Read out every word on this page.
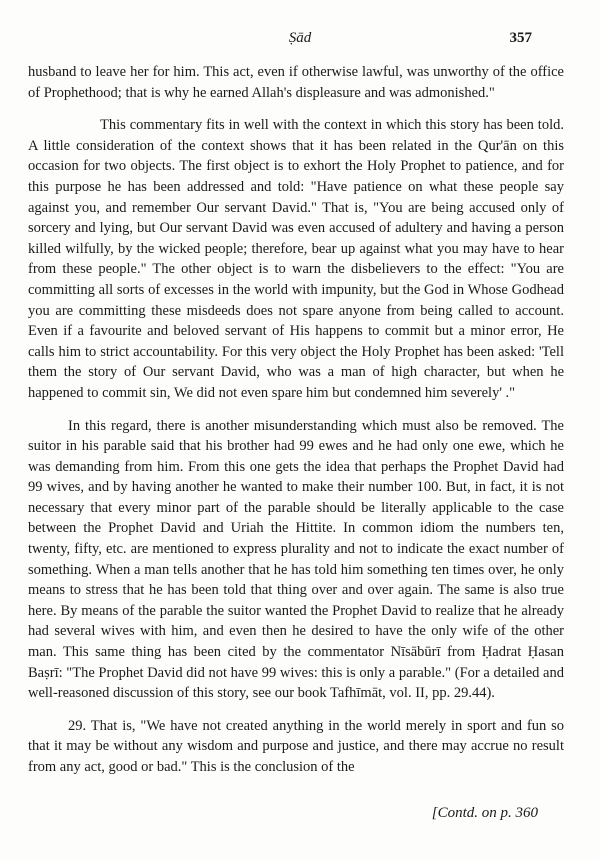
Ṣād	357

husband to leave her for him. This act, even if otherwise lawful, was unworthy of the office of Prophethood; that is why he earned Allah's displeasure and was admonished."

This commentary fits in well with the context in which this story has been told. A little consideration of the context shows that it has been related in the Qur'ān on this occasion for two objects. The first object is to exhort the Holy Prophet to patience, and for this purpose he has been addressed and told: "Have patience on what these people say against you, and remember Our servant David." That is, "You are being accused only of sorcery and lying, but Our servant David was even accused of adultery and having a person killed wilfully, by the wicked people; therefore, bear up against what you may have to hear from these people." The other object is to warn the disbelievers to the effect: "You are committing all sorts of excesses in the world with impunity, but the God in Whose Godhead you are committing these misdeeds does not spare anyone from being called to account. Even if a favourite and beloved servant of His happens to commit but a minor error, He calls him to strict accountability. For this very object the Holy Prophet has been asked: 'Tell them the story of Our servant David, who was a man of high character, but when he happened to commit sin, We did not even spare him but condemned him severely' ."

In this regard, there is another misunderstanding which must also be removed. The suitor in his parable said that his brother had 99 ewes and he had only one ewe, which he was demanding from him. From this one gets the idea that perhaps the Prophet David had 99 wives, and by having another he wanted to make their number 100. But, in fact, it is not necessary that every minor part of the parable should be literally applicable to the case between the Prophet David and Uriah the Hittite. In common idiom the numbers ten, twenty, fifty, etc. are mentioned to express plurality and not to indicate the exact number of something. When a man tells another that he has told him something ten times over, he only means to stress that he has been told that thing over and over again. The same is also true here. By means of the parable the suitor wanted the Prophet David to realize that he already had several wives with him, and even then he desired to have the only wife of the other man. This same thing has been cited by the commentator Nīsābūrī from Ḥadrat Ḥasan Baṣrī: "The Prophet David did not have 99 wives: this is only a parable." (For a detailed and well-reasoned discussion of this story, see our book Tafhīmāt, vol. II, pp. 29.44).

29. That is, "We have not created anything in the world merely in sport and fun so that it may be without any wisdom and purpose and justice, and there may accrue no result from any act, good or bad." This is the conclusion of the

[Contd. on p. 360
